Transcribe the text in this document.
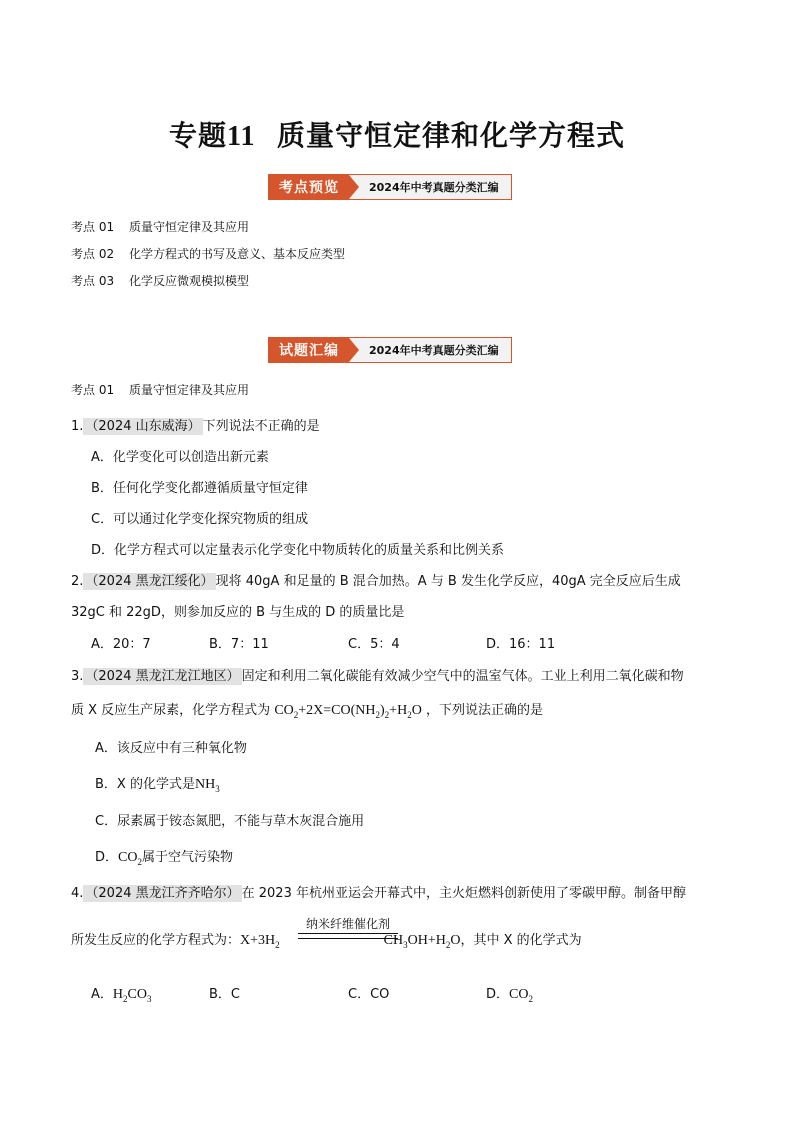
专题11 质量守恒定律和化学方程式
考点预览	2024年中考真题分类汇编
考点 01 质量守恒定律及其应用
考点 02 化学方程式的书写及意义、基本反应类型
考点 03 化学反应微观模拟模型
试题汇编	2024年中考真题分类汇编
考点 01 质量守恒定律及其应用
1. （2024 山东威海） 下列说法不正确的是
A．化学变化可以创造出新元素
B．任何化学变化都遵循质量守恒定律
C．可以通过化学变化探究物质的组成
D．化学方程式可以定量表示化学变化中物质转化的质量关系和比例关系
2. （2024 黑龙江绥化） 现将 40gA 和足量的 B 混合加热。A 与 B 发生化学反应，40gA 完全反应后生成
32gC 和 22gD，则参加反应的 B 与生成的 D 的质量比是
A．20：7	B．7：11	C．5：4	D．16：11
3. （2024 黑龙江龙江地区） 固定和利用二氧化碳能有效减少空气中的温室气体。工业上利用二氧化碳和物
质 X 反应生产尿素，化学方程式为 $CO_2+2X=CO(NH_2)_2+H_2O$ ，下列说法正确的是
A．该反应中有三种氧化物
B．X 的化学式是$NH_3$
C．尿素属于铵态氮肥，不能与草木灰混合施用
D．$CO_2$属于空气污染物
4. （2024 黑龙江齐齐哈尔） 在 2023 年杭州亚运会开幕式中，主火炬燃料创新使用了零碳甲醇。制备甲醇
纳米纤维催化剂
所发生反应的化学方程式为：$X+3H_2$	$CH_3OH+H_2O$，其中 X 的化学式为
A．$H_2CO_3$	B．C	C．CO	D．$CO_2$
